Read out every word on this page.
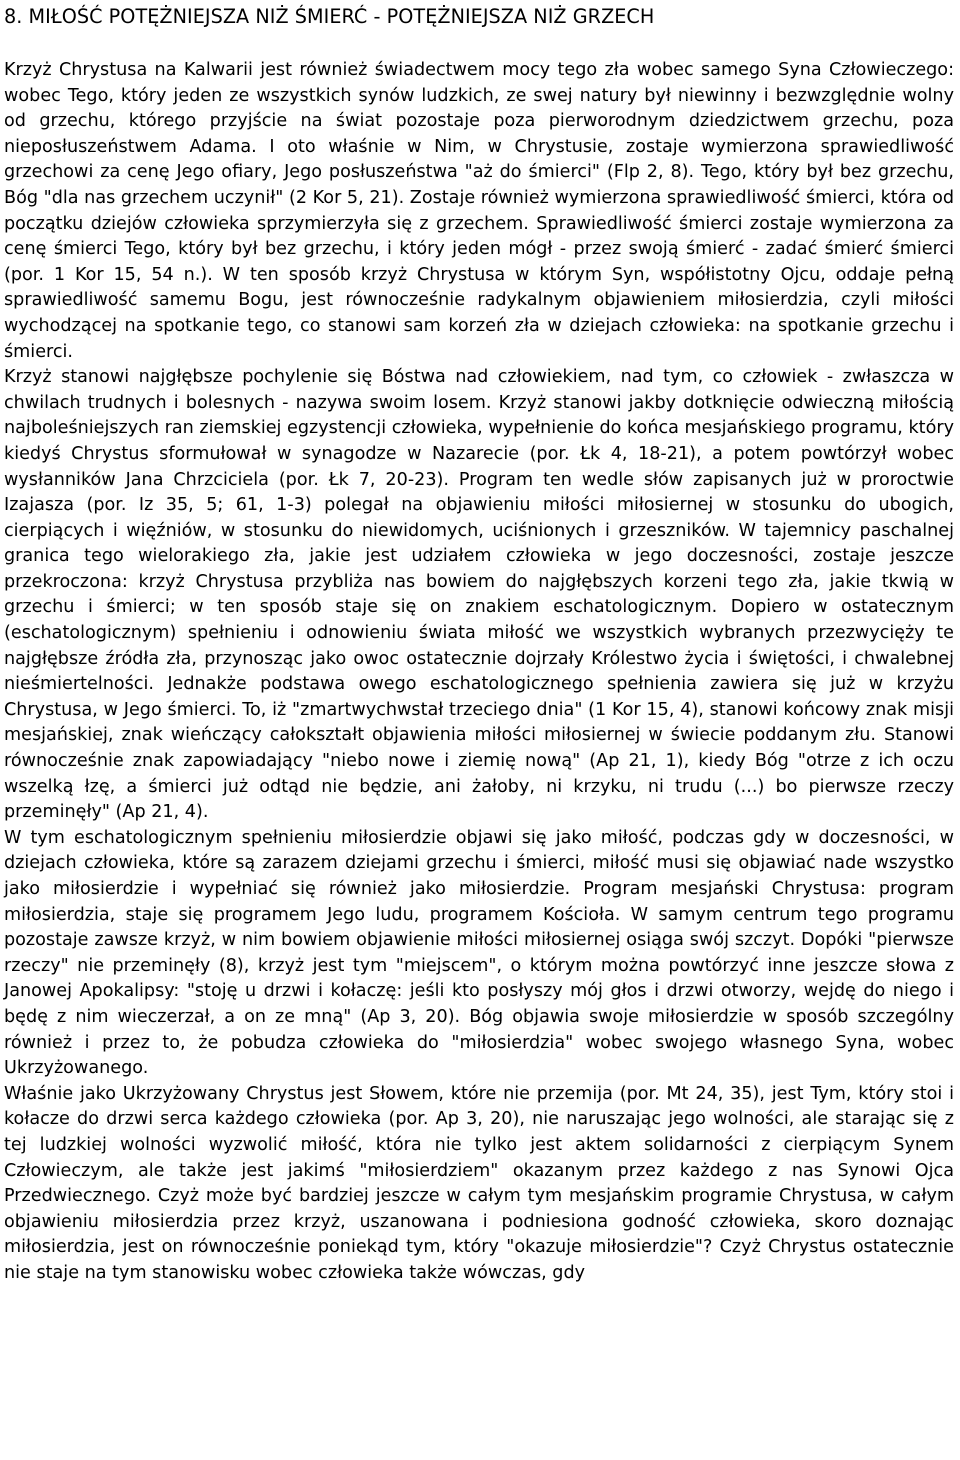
8. MIŁOŚĆ POTĘŻNIEJSZA NIŻ ŚMIERĆ - POTĘŻNIEJSZA NIŻ GRZECH

Krzyż Chrystusa na Kalwarii jest również świadectwem mocy tego zła wobec samego Syna Człowieczego: wobec Tego, który jeden ze wszystkich synów ludzkich, ze swej natury był niewinny i bezwzględnie wolny od grzechu, którego przyjście na świat pozostaje poza pierworodnym dziedzictwem grzechu, poza nieposłuszeństwem Adama. I oto właśnie w Nim, w Chrystusie, zostaje wymierzona sprawiedliwość grzechowi za cenę Jego ofiary, Jego posłuszeństwa "aż do śmierci" (Flp 2, 8). Tego, który był bez grzechu, Bóg "dla nas grzechem uczynił" (2 Kor 5, 21). Zostaje również wymierzona sprawiedliwość śmierci, która od początku dziejów człowieka sprzymierzyła się z grzechem. Sprawiedliwość śmierci zostaje wymierzona za cenę śmierci Tego, który był bez grzechu, i który jeden mógł - przez swoją śmierć - zadać śmierć śmierci (por. 1 Kor 15, 54 n.). W ten sposób krzyż Chrystusa w którym Syn, współistotny Ojcu, oddaje pełną sprawiedliwość samemu Bogu, jest równocześnie radykalnym objawieniem miłosierdzia, czyli miłości wychodzącej na spotkanie tego, co stanowi sam korzeń zła w dziejach człowieka: na spotkanie grzechu i śmierci.

Krzyż stanowi najgłębsze pochylenie się Bóstwa nad człowiekiem, nad tym, co człowiek - zwłaszcza w chwilach trudnych i bolesnych - nazywa swoim losem. Krzyż stanowi jakby dotknięcie odwieczną miłością najboleśniejszych ran ziemskiej egzystencji człowieka, wypełnienie do końca mesjańskiego programu, który kiedyś Chrystus sformułował w synagodze w Nazarecie (por. Łk 4, 18-21), a potem powtórzył wobec wysłanników Jana Chrzciciela (por. Łk 7, 20-23). Program ten wedle słów zapisanych już w proroctwie Izajasza (por. Iz 35, 5; 61, 1-3) polegał na objawieniu miłości miłosiernej w stosunku do ubogich, cierpiących i więźniów, w stosunku do niewidomych, uciśnionych i grzeszników. W tajemnicy paschalnej granica tego wielorakiego zła, jakie jest udziałem człowieka w jego doczesności, zostaje jeszcze przekroczona: krzyż Chrystusa przybliża nas bowiem do najgłębszych korzeni tego zła, jakie tkwią w grzechu i śmierci; w ten sposób staje się on znakiem eschatologicznym. Dopiero w ostatecznym (eschatologicznym) spełnieniu i odnowieniu świata miłość we wszystkich wybranych przezwycięży te najgłębsze źródła zła, przynosząc jako owoc ostatecznie dojrzały Królestwo życia i świętości, i chwalebnej nieśmiertelności. Jednakże podstawa owego eschatologicznego spełnienia zawiera się już w krzyżu Chrystusa, w Jego śmierci. To, iż "zmartwychwstał trzeciego dnia" (1 Kor 15, 4), stanowi końcowy znak misji mesjańskiej, znak wieńczący całokształt objawienia miłości miłosiernej w świecie poddanym złu. Stanowi równocześnie znak zapowiadający "niebo nowe i ziemię nową" (Ap 21, 1), kiedy Bóg "otrze z ich oczu wszelką łzę, a śmierci już odtąd nie będzie, ani żałoby, ni krzyku, ni trudu (...) bo pierwsze rzeczy przeminęły" (Ap 21, 4).

W tym eschatologicznym spełnieniu miłosierdzie objawi się jako miłość, podczas gdy w doczesności, w dziejach człowieka, które są zarazem dziejami grzechu i śmierci, miłość musi się objawiać nade wszystko jako miłosierdzie i wypełniać się również jako miłosierdzie. Program mesjański Chrystusa: program miłosierdzia, staje się programem Jego ludu, programem Kościoła. W samym centrum tego programu pozostaje zawsze krzyż, w nim bowiem objawienie miłości miłosiernej osiąga swój szczyt. Dopóki "pierwsze rzeczy" nie przeminęły (8), krzyż jest tym "miejscem", o którym można powtórzyć inne jeszcze słowa z Janowej Apokalipsy: "stoję u drzwi i kołaczę: jeśli kto posłyszy mój głos i drzwi otworzy, wejdę do niego i będę z nim wieczerzał, a on ze mną" (Ap 3, 20). Bóg objawia swoje miłosierdzie w sposób szczególny również i przez to, że pobudza człowieka do "miłosierdzia" wobec swojego własnego Syna, wobec Ukrzyżowanego.

Właśnie jako Ukrzyżowany Chrystus jest Słowem, które nie przemija (por. Mt 24, 35), jest Tym, który stoi i kołacze do drzwi serca każdego człowieka (por. Ap 3, 20), nie naruszając jego wolności, ale starając się z tej ludzkiej wolności wyzwolić miłość, która nie tylko jest aktem solidarności z cierpiącym Synem Człowieczym, ale także jest jakimś "miłosierdziem" okazanym przez każdego z nas Synowi Ojca Przedwiecznego. Czyż może być bardziej jeszcze w całym tym mesjańskim programie Chrystusa, w całym objawieniu miłosierdzia przez krzyż, uszanowana i podniesiona godność człowieka, skoro doznając miłosierdzia, jest on równocześnie poniekąd tym, który "okazuje miłosierdzie"? Czyż Chrystus ostatecznie nie staje na tym stanowisku wobec człowieka także wówczas, gdy
